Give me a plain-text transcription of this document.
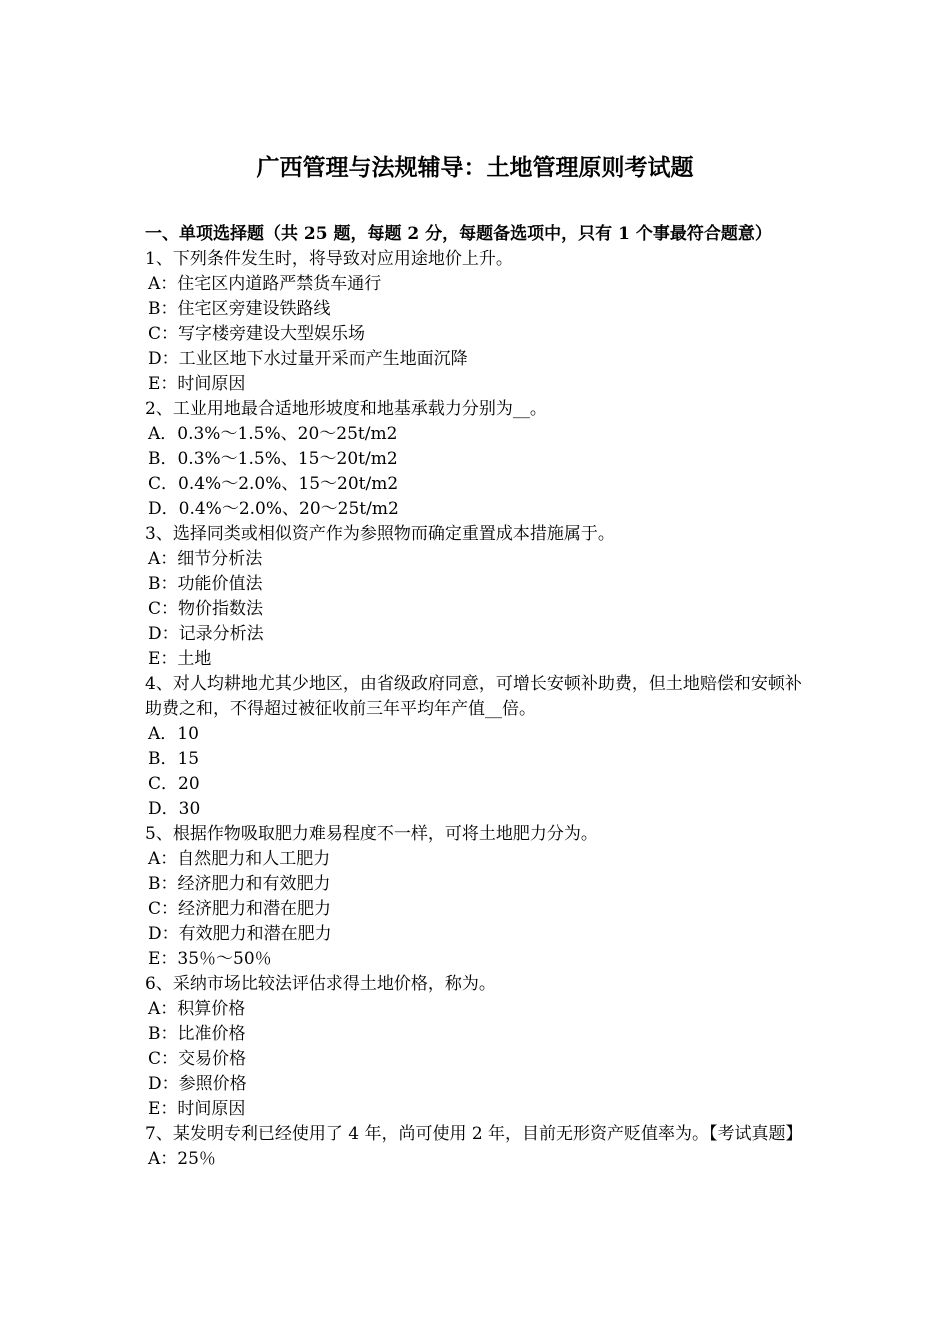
广西管理与法规辅导：土地管理原则考试题

一、单项选择题（共 25 题，每题 2 分，每题备选项中，只有 1 个事最符合题意）

1、下列条件发生时，将导致对应用途地价上升。

A：住宅区内道路严禁货车通行

B：住宅区旁建设铁路线

C：写字楼旁建设大型娱乐场

D：工业区地下水过量开采而产生地面沉降

E：时间原因

2、工业用地最合适地形坡度和地基承载力分别为__。

A．0.3%～1.5%、20～25t/m2

B．0.3%～1.5%、15～20t/m2

C．0.4%～2.0%、15～20t/m2

D．0.4%～2.0%、20～25t/m2

3、选择同类或相似资产作为参照物而确定重置成本措施属于。

A：细节分析法

B：功能价值法

C：物价指数法

D：记录分析法

E：土地

4、对人均耕地尤其少地区，由省级政府同意，可增长安顿补助费，但土地赔偿和安顿补助费之和，不得超过被征收前三年平均年产值__倍。

A．10

B．15

C．20

D．30

5、根据作物吸取肥力难易程度不一样，可将土地肥力分为。

A：自然肥力和人工肥力

B：经济肥力和有效肥力

C：经济肥力和潜在肥力

D：有效肥力和潜在肥力

E：35％～50％

6、采纳市场比较法评估求得土地价格，称为。

A：积算价格

B：比准价格

C：交易价格

D：参照价格

E：时间原因

7、某发明专利已经使用了 4 年，尚可使用 2 年，目前无形资产贬值率为。【考试真题】

A：25％
